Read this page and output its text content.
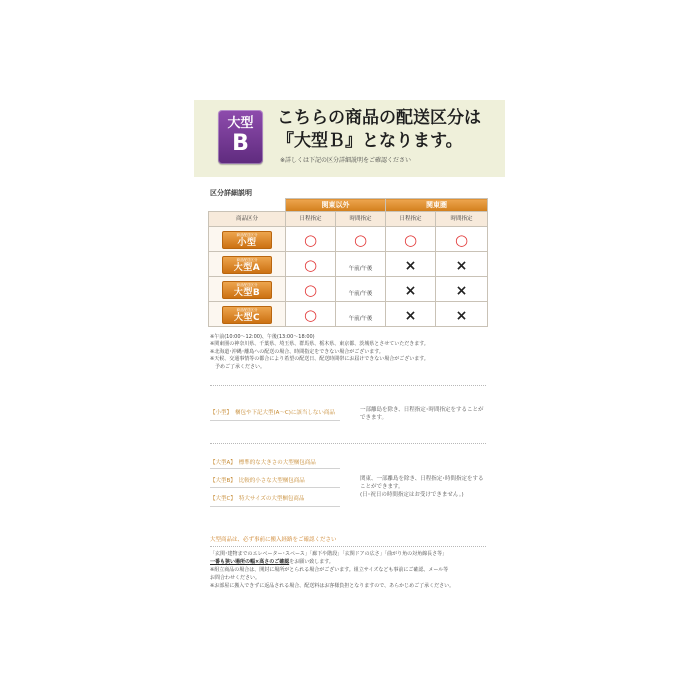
大型
B
こちらの商品の配送区分は
『大型Ｂ』となります。
※詳しくは下記の区分詳細説明をご確認ください
区分詳細説明
	関東以外		関東圏	
商品区分	日程指定	時間指定	日程指定	時間指定

商品配送区分
小型	○	○	○	○

商品配送区分
大型A	○	午前/午後	×	×

商品配送区分
大型B	○	午前/午後	×	×

商品配送区分
大型C	○	午前/午後	×	×
※午前(10:00〜12:00)、午後(13:00〜18:00)
※関東圏の神奈川県、千葉県、埼玉県、群馬県、栃木県、東京都、茨城県とさせていただきます。
※北海道･沖縄･離島への配送の場合、時間指定をできない場合がございます。
※天候、交通事情等の都合により希望の配送日、配送時間帯にお届けできない場合がございます。
予めご了承ください。
【小型】 梱包や下記大型(A〜C)に該当しない商品	一部離島を除き、日程指定･時間指定をすることが
できます。
【大型A】 標準的な大きさの大型梱包商品
【大型B】 比較的小さな大型梱包商品
【大型C】 特大サイズの大型梱包商品
関東、一部離島を除き、日程指定･時間指定をする
ことができます。
(日･祝日の時間指定はお受けできません。)
大型商品は、必ず事前に搬入経路をご確認ください
「玄関･建物までのエレベーター･スペース」「廊下や階段」「玄関ドアの広さ」「曲がり角の対角線長さ等」
一番も狭い場所の幅×高さのご確認をお願い致します。
※組立商品の場合は、開封に場所がとられる場合がございます。組立サイズなども事前にご確認、メール等
お問合わせください。
※お部屋に搬入できずに返品される場合、配送料はお客様負担となりますので、あらかじめご了承ください。
